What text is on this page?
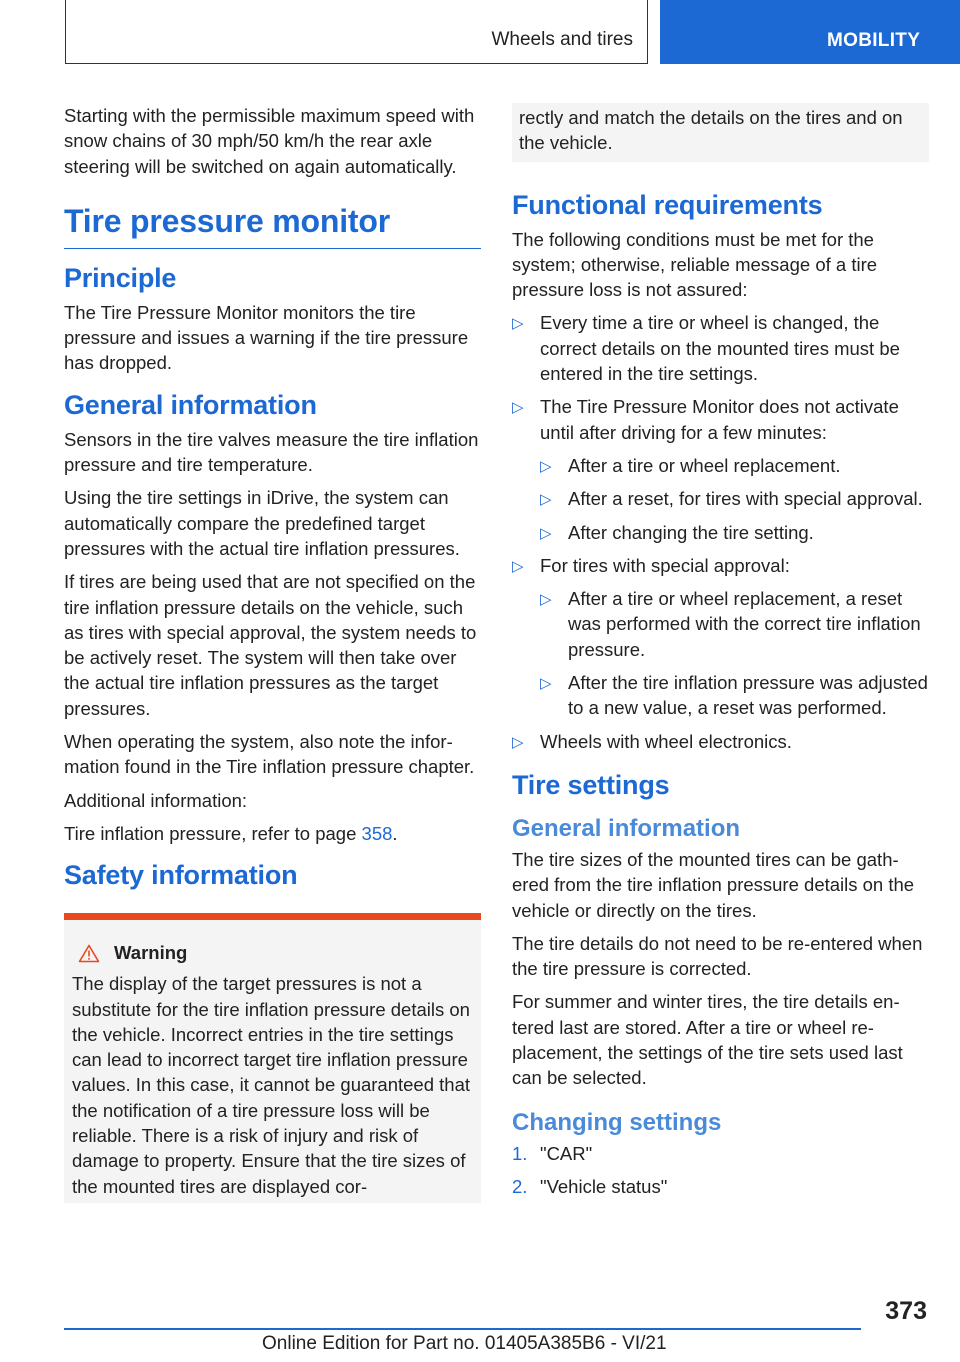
Wheels and tires	MOBILITY

Starting with the permissible maximum speed with snow chains of 30 mph/50 km/h the rear axle steering will be switched on again automatically.

Tire pressure monitor
Principle

The Tire Pressure Monitor monitors the tire pressure and issues a warning if the tire pressure has dropped.

General information

Sensors in the tire valves measure the tire inflation pressure and tire temperature.

Using the tire settings in iDrive, the system can automatically compare the predefined target pressures with the actual tire inflation pressures.

If tires are being used that are not specified on the tire inflation pressure details on the vehicle, such as tires with special approval, the system needs to be actively reset. The system will then take over the actual tire inflation pressures as the target pressures.

When operating the system, also note the information found in the Tire inflation pressure chapter.

Additional information:

Tire inflation pressure, refer to page 358.

Safety information
Warning

The display of the target pressures is not a substitute for the tire inflation pressure details on the vehicle. Incorrect entries in the tire settings can lead to incorrect target tire inflation pressure values. In this case, it cannot be guaranteed that the notification of a tire pressure loss will be reliable. There is a risk of injury and risk of damage to property. Ensure that the tire sizes of the mounted tires are displayed cor-

rectly and match the details on the tires and on the vehicle.

Functional requirements

The following conditions must be met for the system; otherwise, reliable message of a tire pressure loss is not assured:

▷ Every time a tire or wheel is changed, the correct details on the mounted tires must be entered in the tire settings.
▷ The Tire Pressure Monitor does not activate until after driving for a few minutes:
▷ After a tire or wheel replacement.
▷ After a reset, for tires with special approval.
▷ After changing the tire setting.
▷ For tires with special approval:
▷ After a tire or wheel replacement, a reset was performed with the correct tire inflation pressure.
▷ After the tire inflation pressure was adjusted to a new value, a reset was performed.
▷ Wheels with wheel electronics.
Tire settings
General information

The tire sizes of the mounted tires can be gathered from the tire inflation pressure details on the vehicle or directly on the tires.

The tire details do not need to be re-entered when the tire pressure is corrected.

For summer and winter tires, the tire details entered last are stored. After a tire or wheel replacement, the settings of the tire sets used last can be selected.

Changing settings
1. "CAR"
2. "Vehicle status"
373
Online Edition for Part no. 01405A385B6 - VI/21
